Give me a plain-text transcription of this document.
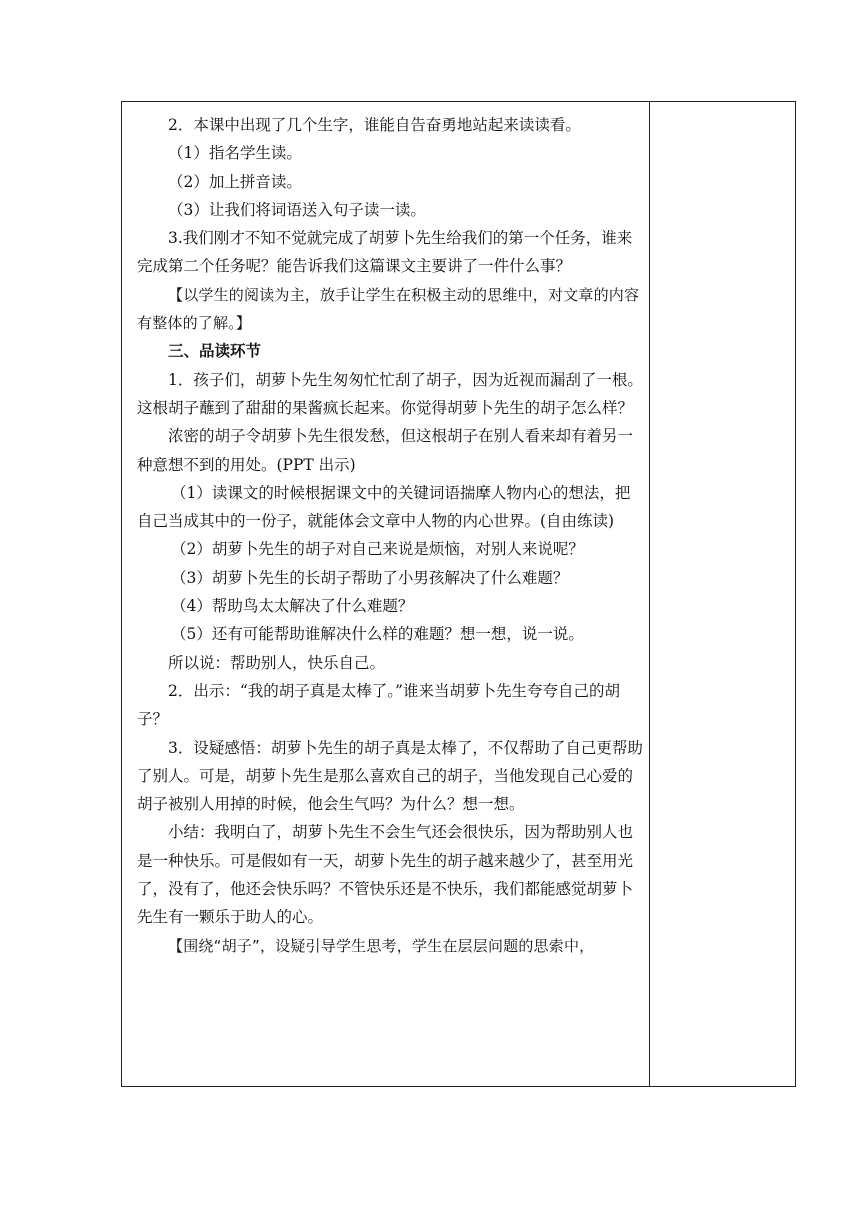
2．本课中出现了几个生字，谁能自告奋勇地站起来读读看。

（1）指名学生读。

（2）加上拼音读。

（3）让我们将词语送入句子读一读。

3.我们刚才不知不觉就完成了胡萝卜先生给我们的第一个任务，谁来完成第二个任务呢？能告诉我们这篇课文主要讲了一件什么事？

【以学生的阅读为主，放手让学生在积极主动的思维中，对文章的内容有整体的了解。】

三、品读环节

1．孩子们，胡萝卜先生匆匆忙忙刮了胡子，因为近视而漏刮了一根。这根胡子蘸到了甜甜的果酱疯长起来。你觉得胡萝卜先生的胡子怎么样？

浓密的胡子令胡萝卜先生很发愁，但这根胡子在别人看来却有着另一种意想不到的用处。(PPT 出示)

（1）读课文的时候根据课文中的关键词语揣摩人物内心的想法，把自己当成其中的一份子，就能体会文章中人物的内心世界。(自由练读)

（2）胡萝卜先生的胡子对自己来说是烦恼，对别人来说呢？

（3）胡萝卜先生的长胡子帮助了小男孩解决了什么难题？

（4）帮助鸟太太解决了什么难题？

（5）还有可能帮助谁解决什么样的难题？想一想，说一说。

所以说：帮助别人，快乐自己。

2．出示：“我的胡子真是太棒了。”谁来当胡萝卜先生夸夸自己的胡子？

3．设疑感悟：胡萝卜先生的胡子真是太棒了，不仅帮助了自己更帮助了别人。可是，胡萝卜先生是那么喜欢自己的胡子，当他发现自己心爱的胡子被别人用掉的时候，他会生气吗？为什么？想一想。

小结：我明白了，胡萝卜先生不会生气还会很快乐，因为帮助别人也是一种快乐。可是假如有一天，胡萝卜先生的胡子越来越少了，甚至用光了，没有了，他还会快乐吗？不管快乐还是不快乐，我们都能感觉胡萝卜先生有一颗乐于助人的心。

【围绕“胡子”，设疑引导学生思考，学生在层层问题的思索中，
